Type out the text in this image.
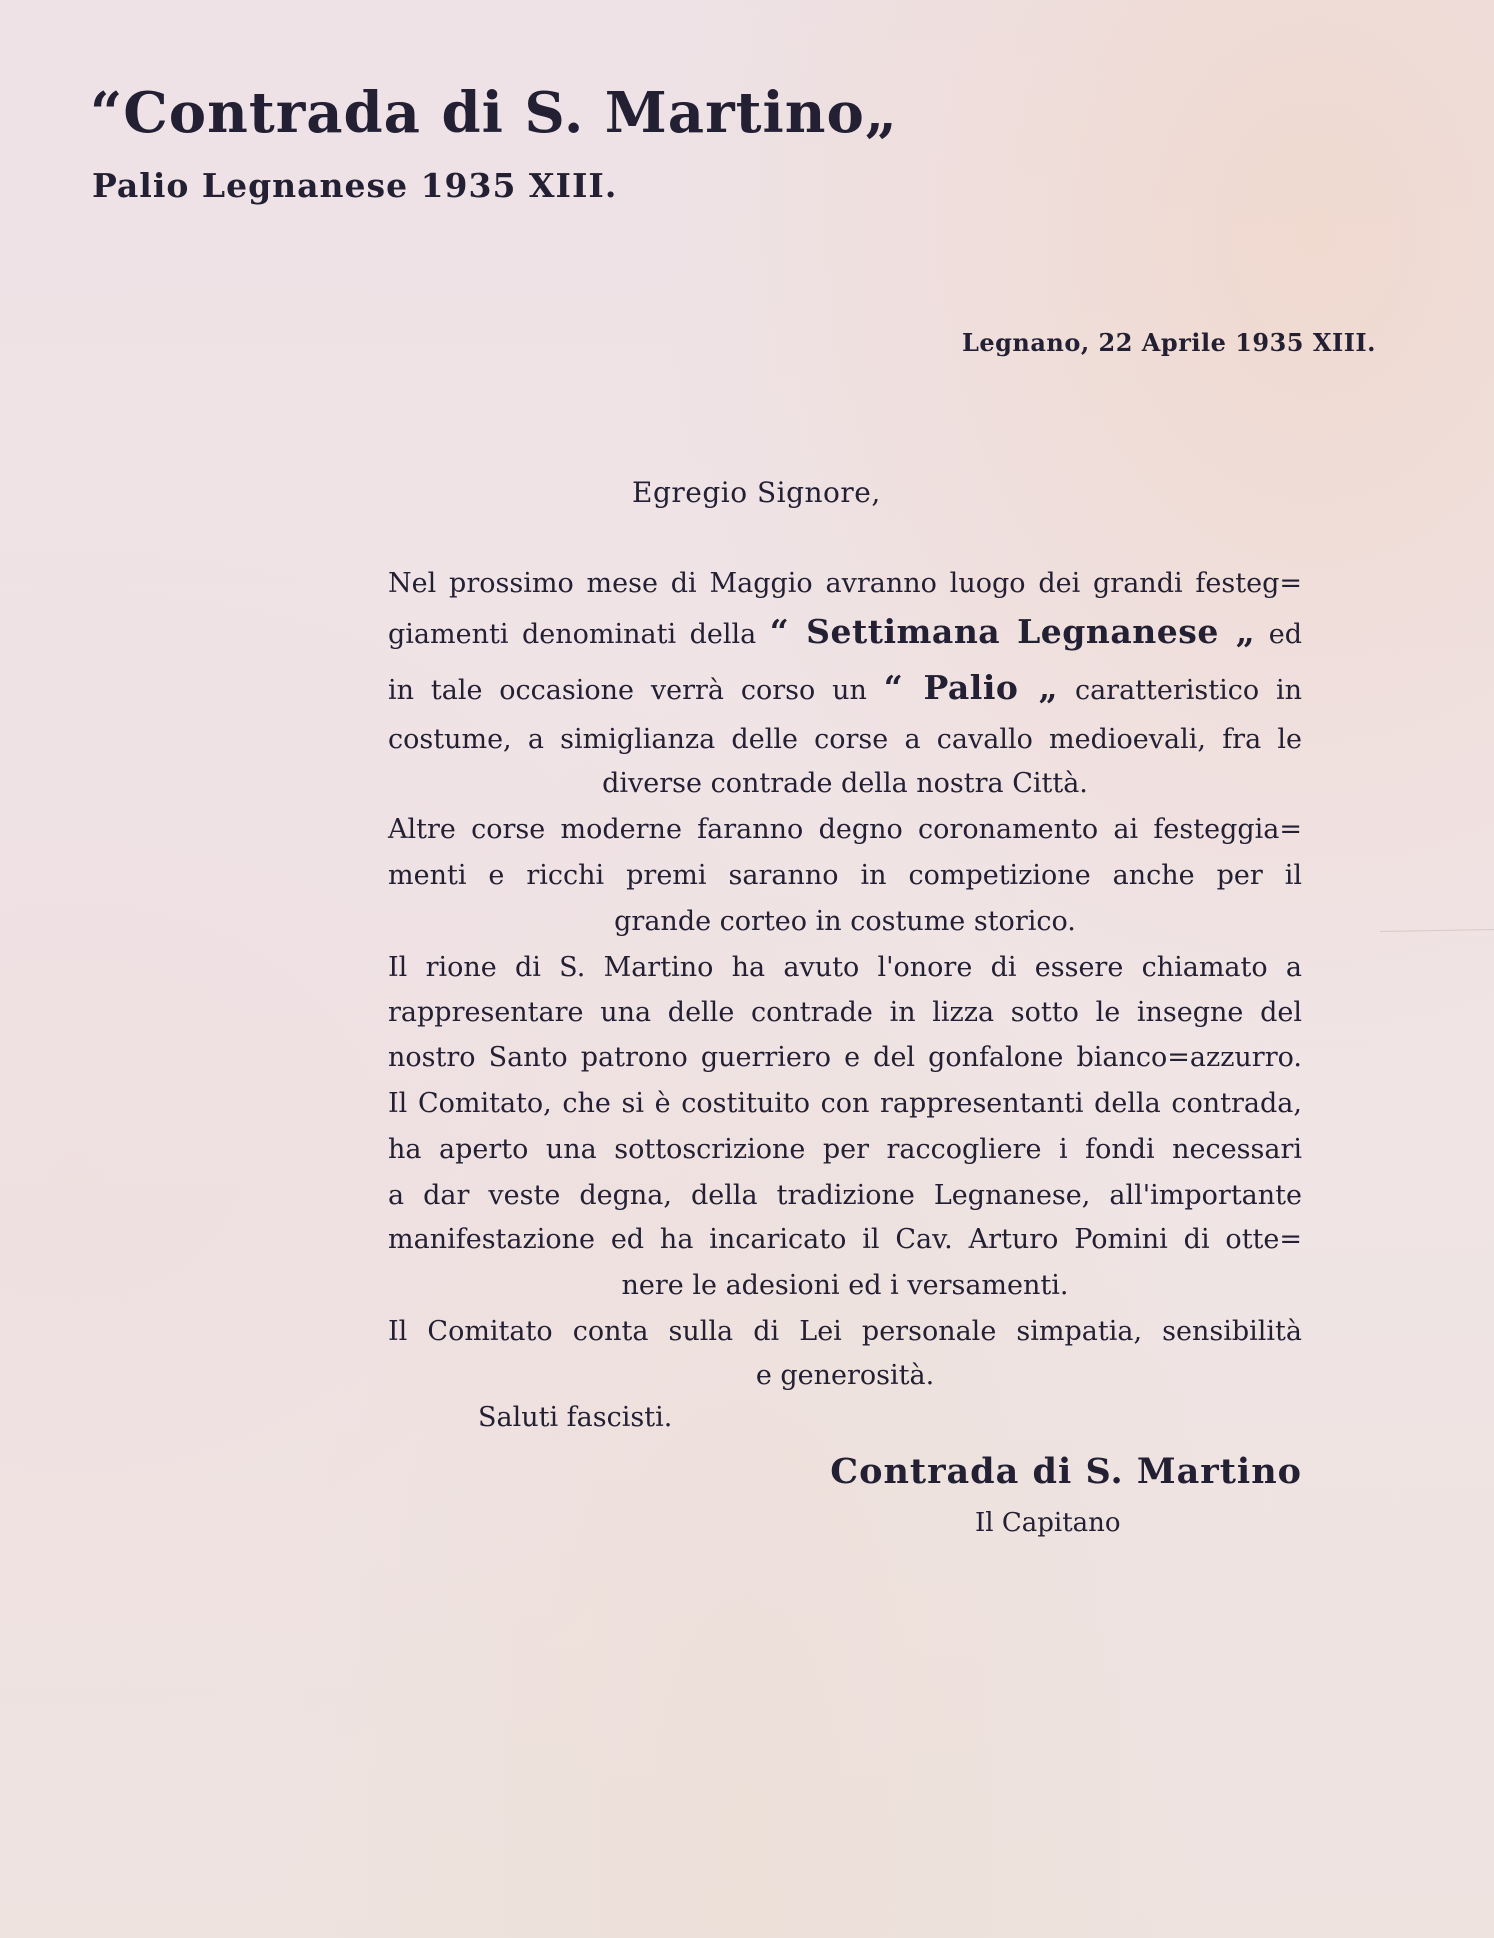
“Contrada di S. Martino„
Palio Legnanese 1935 XIII.
Legnano, 22 Aprile 1935 XIII.
Egregio Signore,
Nel prossimo mese di Maggio avranno luogo dei grandi festeg=
giamenti denominati della “ Settimana Legnanese „ ed
in tale occasione verrà corso un “ Palio „ caratteristico in
costume, a simiglianza delle corse a cavallo medioevali, fra le
diverse contrade della nostra Città.
Altre corse moderne faranno degno coronamento ai festeggia=
menti e ricchi premi saranno in competizione anche per il
grande corteo in costume storico.
Il rione di S. Martino ha avuto l'onore di essere chiamato a
rappresentare una delle contrade in lizza sotto le insegne del
nostro Santo patrono guerriero e del gonfalone bianco=azzurro.
Il Comitato, che si è costituito con rappresentanti della contrada,
ha aperto una sottoscrizione per raccogliere i fondi necessari
a dar veste degna, della tradizione Legnanese, all'importante
manifestazione ed ha incaricato il Cav. Arturo Pomini di otte=
nere le adesioni ed i versamenti.
Il Comitato conta sulla di Lei personale simpatia, sensibilità
e generosità.
Saluti fascisti.
Contrada di S. Martino
Il Capitano
